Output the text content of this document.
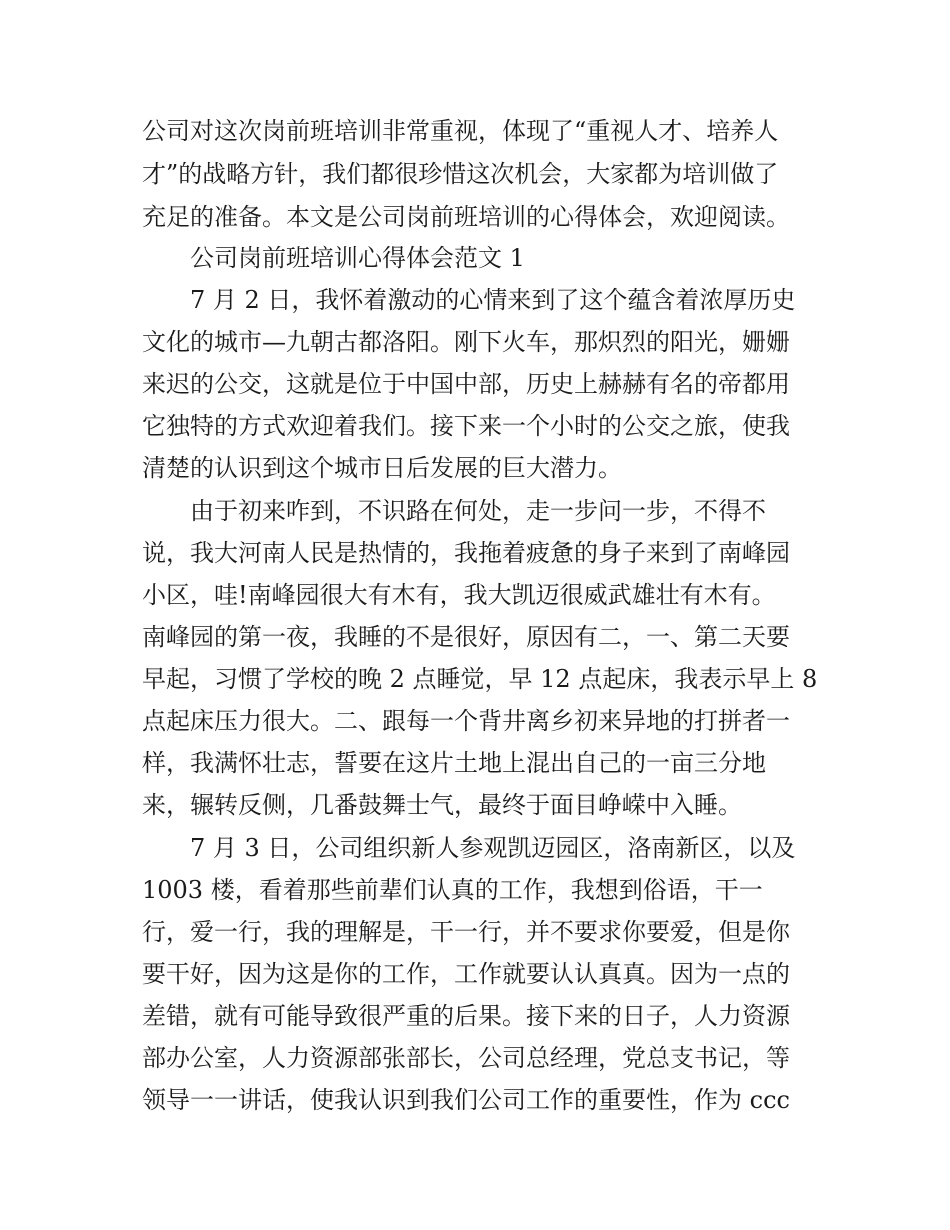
公司对这次岗前班培训非常重视，体现了“重视人才、培养人

才”的战略方针，我们都很珍惜这次机会，大家都为培训做了

充足的准备。本文是公司岗前班培训的心得体会，欢迎阅读。

公司岗前班培训心得体会范文 1

7 月 2 日，我怀着激动的心情来到了这个蕴含着浓厚历史

文化的城市—九朝古都洛阳。刚下火车，那炽烈的阳光，姗姗

来迟的公交，这就是位于中国中部，历史上赫赫有名的帝都用

它独特的方式欢迎着我们。接下来一个小时的公交之旅，使我

清楚的认识到这个城市日后发展的巨大潜力。

由于初来咋到，不识路在何处，走一步问一步，不得不

说，我大河南人民是热情的，我拖着疲惫的身子来到了南峰园

小区，哇!南峰园很大有木有，我大凯迈很威武雄壮有木有。

南峰园的第一夜，我睡的不是很好，原因有二，一、第二天要

早起，习惯了学校的晚 2 点睡觉，早 12 点起床，我表示早上 8

点起床压力很大。二、跟每一个背井离乡初来异地的打拼者一

样，我满怀壮志，誓要在这片土地上混出自己的一亩三分地

来，辗转反侧，几番鼓舞士气，最终于面目峥嵘中入睡。

7 月 3 日，公司组织新人参观凯迈园区，洛南新区，以及

1003 楼，看着那些前辈们认真的工作，我想到俗语，干一

行，爱一行，我的理解是，干一行，并不要求你要爱，但是你

要干好，因为这是你的工作，工作就要认认真真。因为一点的

差错，就有可能导致很严重的后果。接下来的日子，人力资源

部办公室，人力资源部张部长，公司总经理，党总支书记，等

领导一一讲话，使我认识到我们公司工作的重要性，作为 ccc
